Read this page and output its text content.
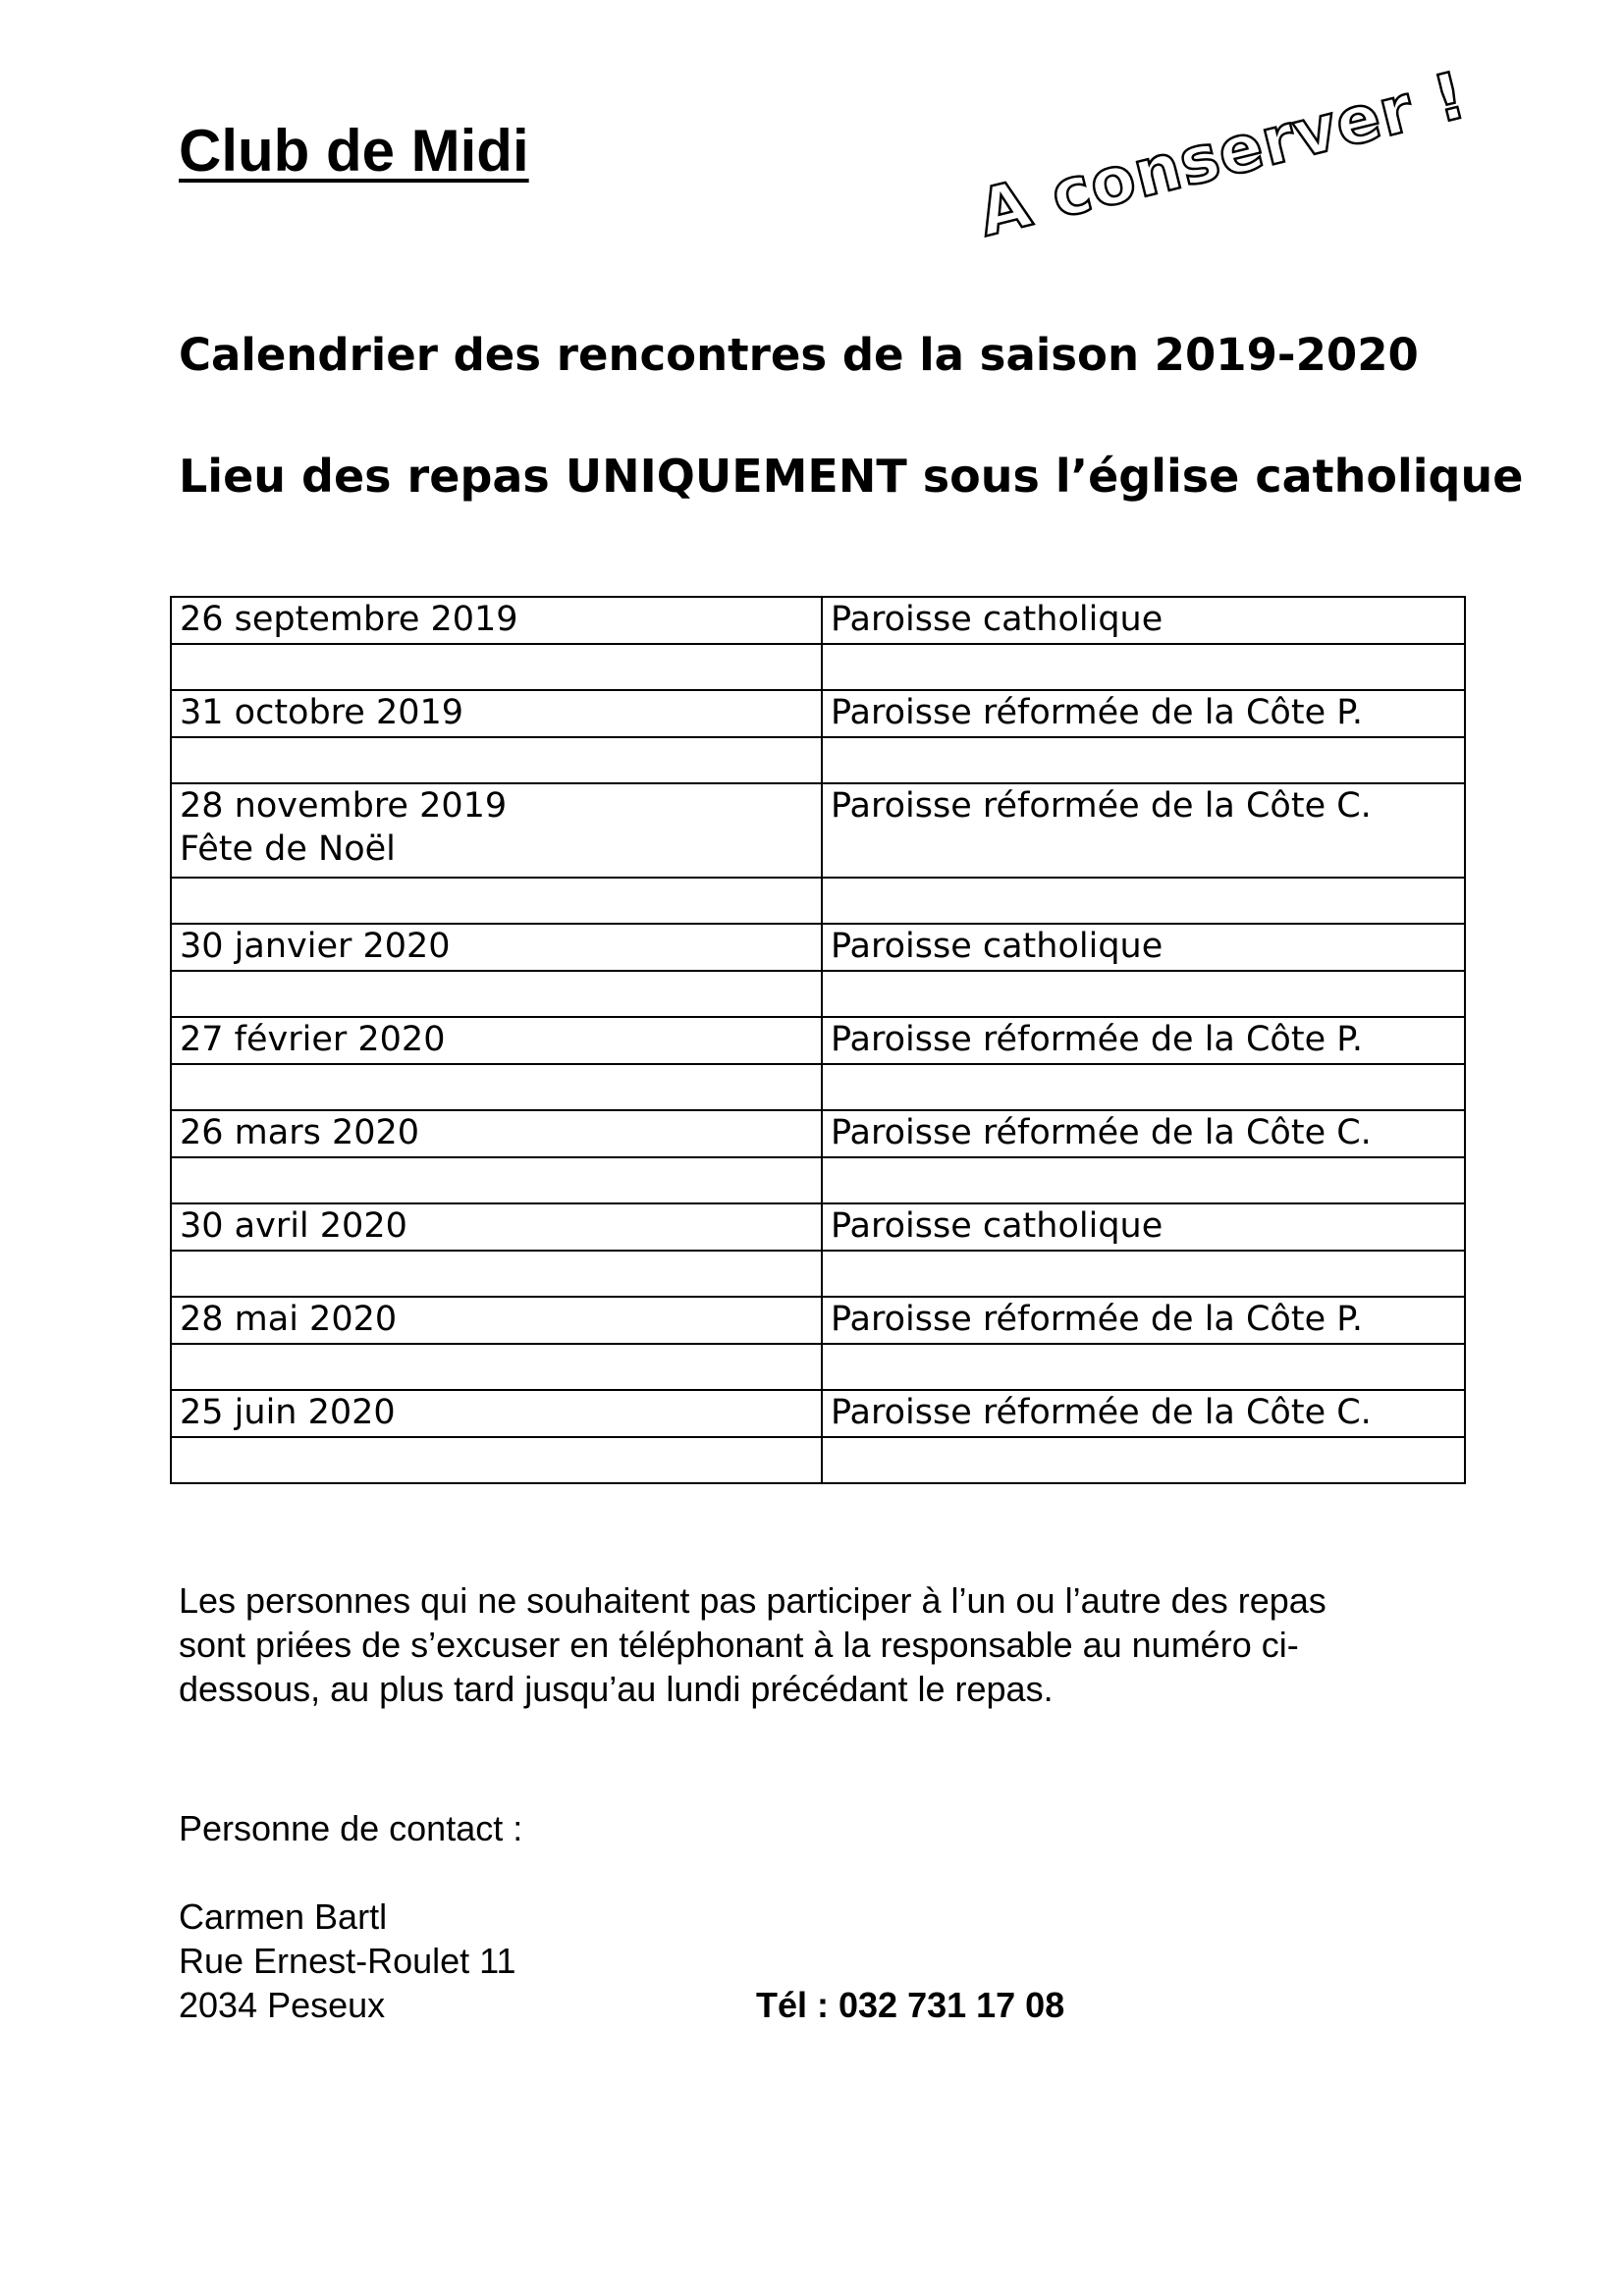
Club de Midi	A conserver !
Calendrier des rencontres de la saison 2019-2020
Lieu des repas UNIQUEMENT sous l’église catholique
26 septembre 2019	Paroisse catholique

31 octobre 2019	Paroisse réformée de la Côte P.

28 novembre 2019
Fête de Noël	Paroisse réformée de la Côte C.

30 janvier 2020	Paroisse catholique

27 février 2020	Paroisse réformée de la Côte P.

26 mars 2020	Paroisse réformée de la Côte C.

30 avril 2020	Paroisse catholique

28 mai 2020	Paroisse réformée de la Côte P.

25 juin 2020	Paroisse réformée de la Côte C.

Les personnes qui ne souhaitent pas participer à l’un ou l’autre des repas
sont priées de s’excuser en téléphonant à la responsable au numéro ci-
dessous, au plus tard jusqu’au lundi précédant le repas.
Personne de contact :
Carmen Bartl
Rue Ernest-Roulet 11
2034 Peseux	Tél : 032 731 17 08
